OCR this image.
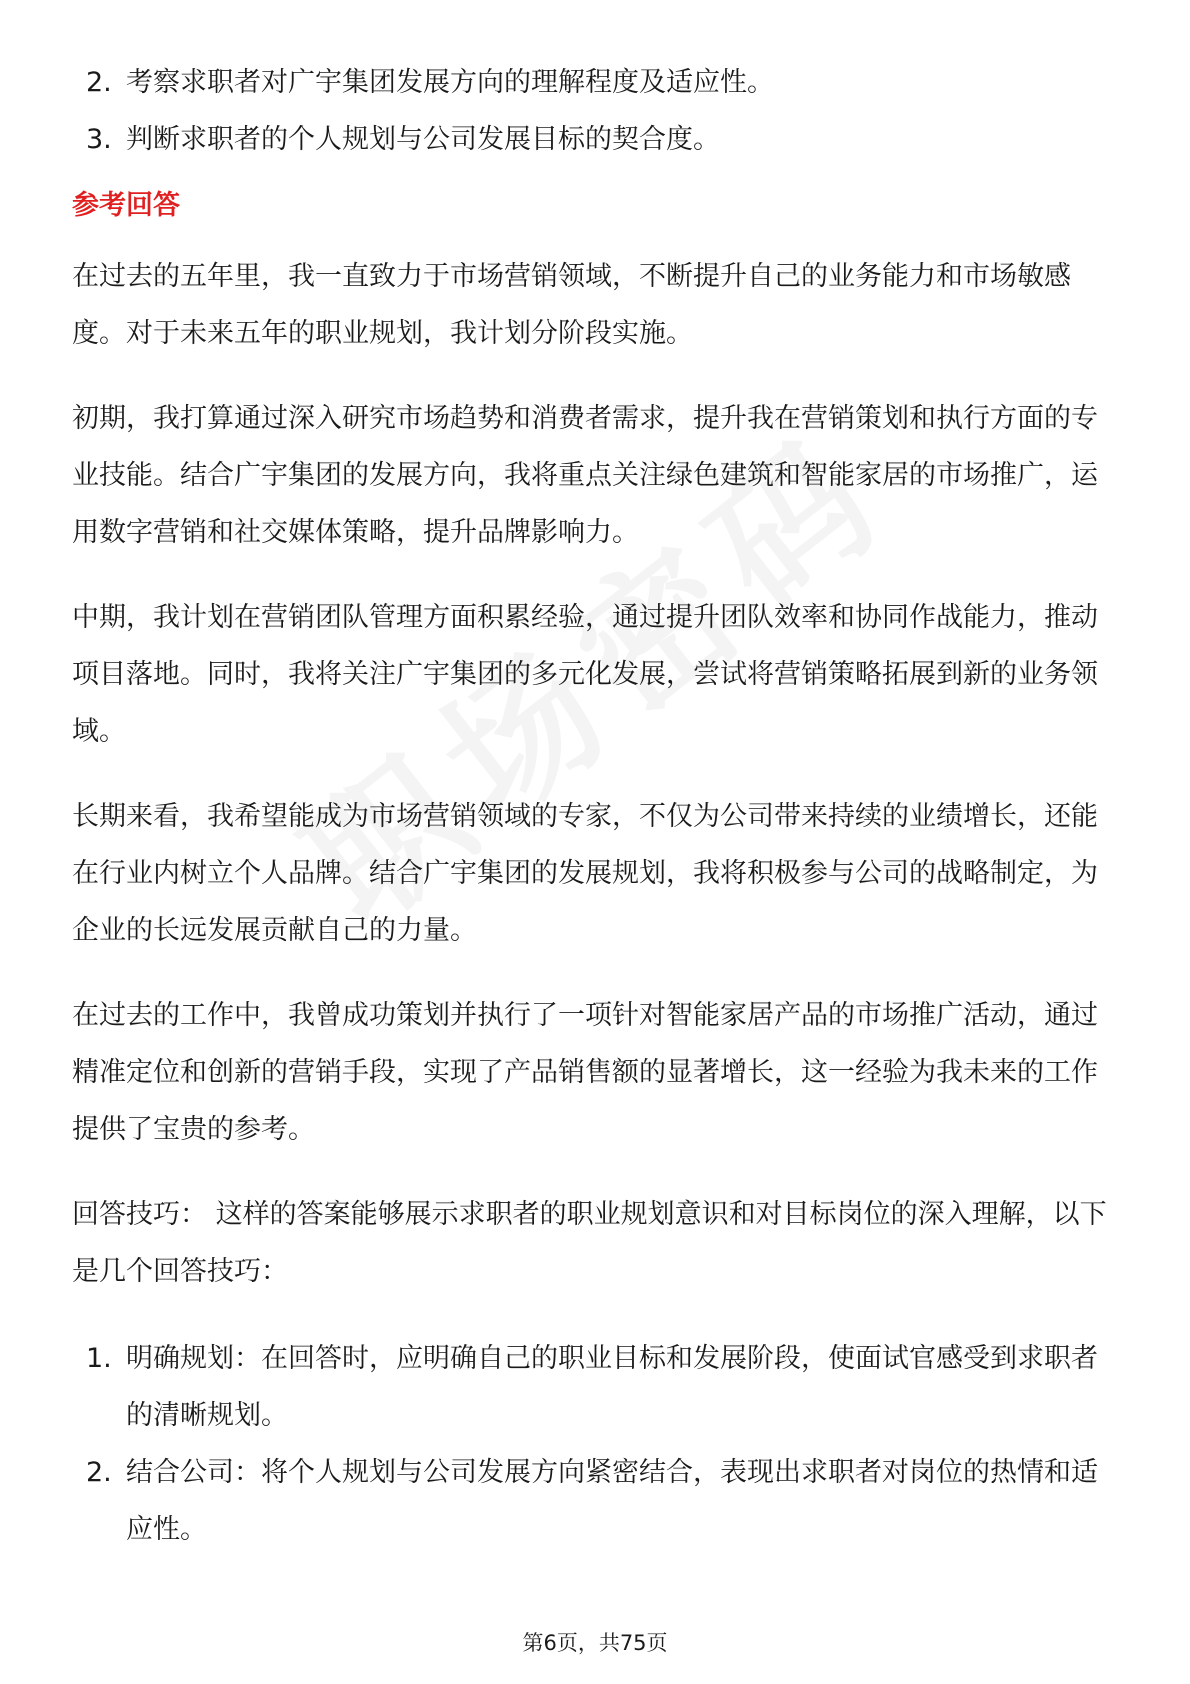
2. 考察求职者对广宇集团发展方向的理解程度及适应性。
3. 判断求职者的个人规划与公司发展目标的契合度。
参考回答

在过去的五年里，我一直致力于市场营销领域，不断提升自己的业务能力和市场敏感度。对于未来五年的职业规划，我计划分阶段实施。

初期，我打算通过深入研究市场趋势和消费者需求，提升我在营销策划和执行方面的专业技能。结合广宇集团的发展方向，我将重点关注绿色建筑和智能家居的市场推广，运用数字营销和社交媒体策略，提升品牌影响力。

中期，我计划在营销团队管理方面积累经验，通过提升团队效率和协同作战能力，推动项目落地。同时，我将关注广宇集团的多元化发展，尝试将营销策略拓展到新的业务领域。

长期来看，我希望能成为市场营销领域的专家，不仅为公司带来持续的业绩增长，还能在行业内树立个人品牌。结合广宇集团的发展规划，我将积极参与公司的战略制定，为企业的长远发展贡献自己的力量。

在过去的工作中，我曾成功策划并执行了一项针对智能家居产品的市场推广活动，通过精准定位和创新的营销手段，实现了产品销售额的显著增长，这一经验为我未来的工作提供了宝贵的参考。

回答技巧： 这样的答案能够展示求职者的职业规划意识和对目标岗位的深入理解，以下是几个回答技巧：

1. 明确规划：在回答时，应明确自己的职业目标和发展阶段，使面试官感受到求职者的清晰规划。
2. 结合公司：将个人规划与公司发展方向紧密结合，表现出求职者对岗位的热情和适应性。
第6页，共75页
